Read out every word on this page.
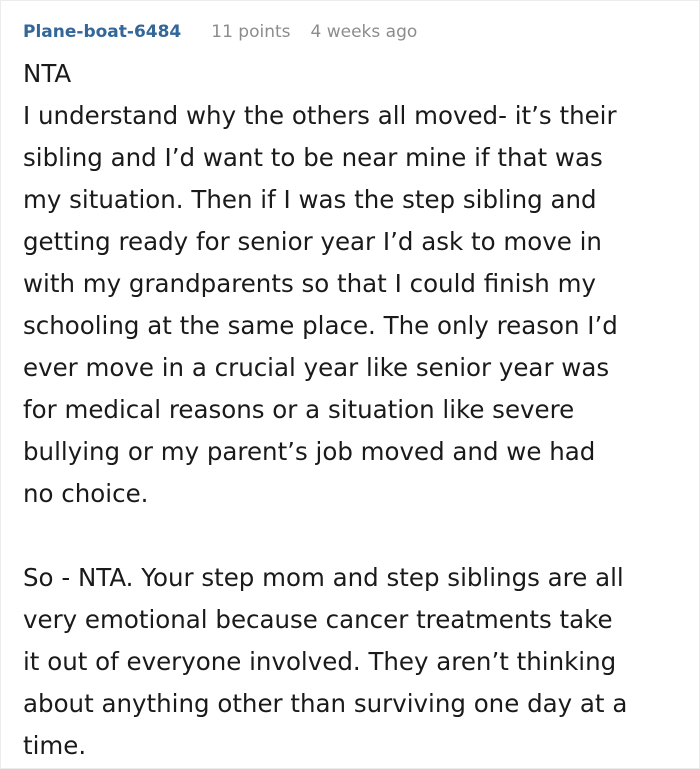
Plane-boat-6484 11 points 4 weeks ago

NTA

I understand why the others all moved- it’s their

sibling and I’d want to be near mine if that was

my situation. Then if I was the step sibling and

getting ready for senior year I’d ask to move in

with my grandparents so that I could finish my

schooling at the same place. The only reason I’d

ever move in a crucial year like senior year was

for medical reasons or a situation like severe

bullying or my parent’s job moved and we had

no choice.

So - NTA. Your step mom and step siblings are all

very emotional because cancer treatments take

it out of everyone involved. They aren’t thinking

about anything other than surviving one day at a

time.
